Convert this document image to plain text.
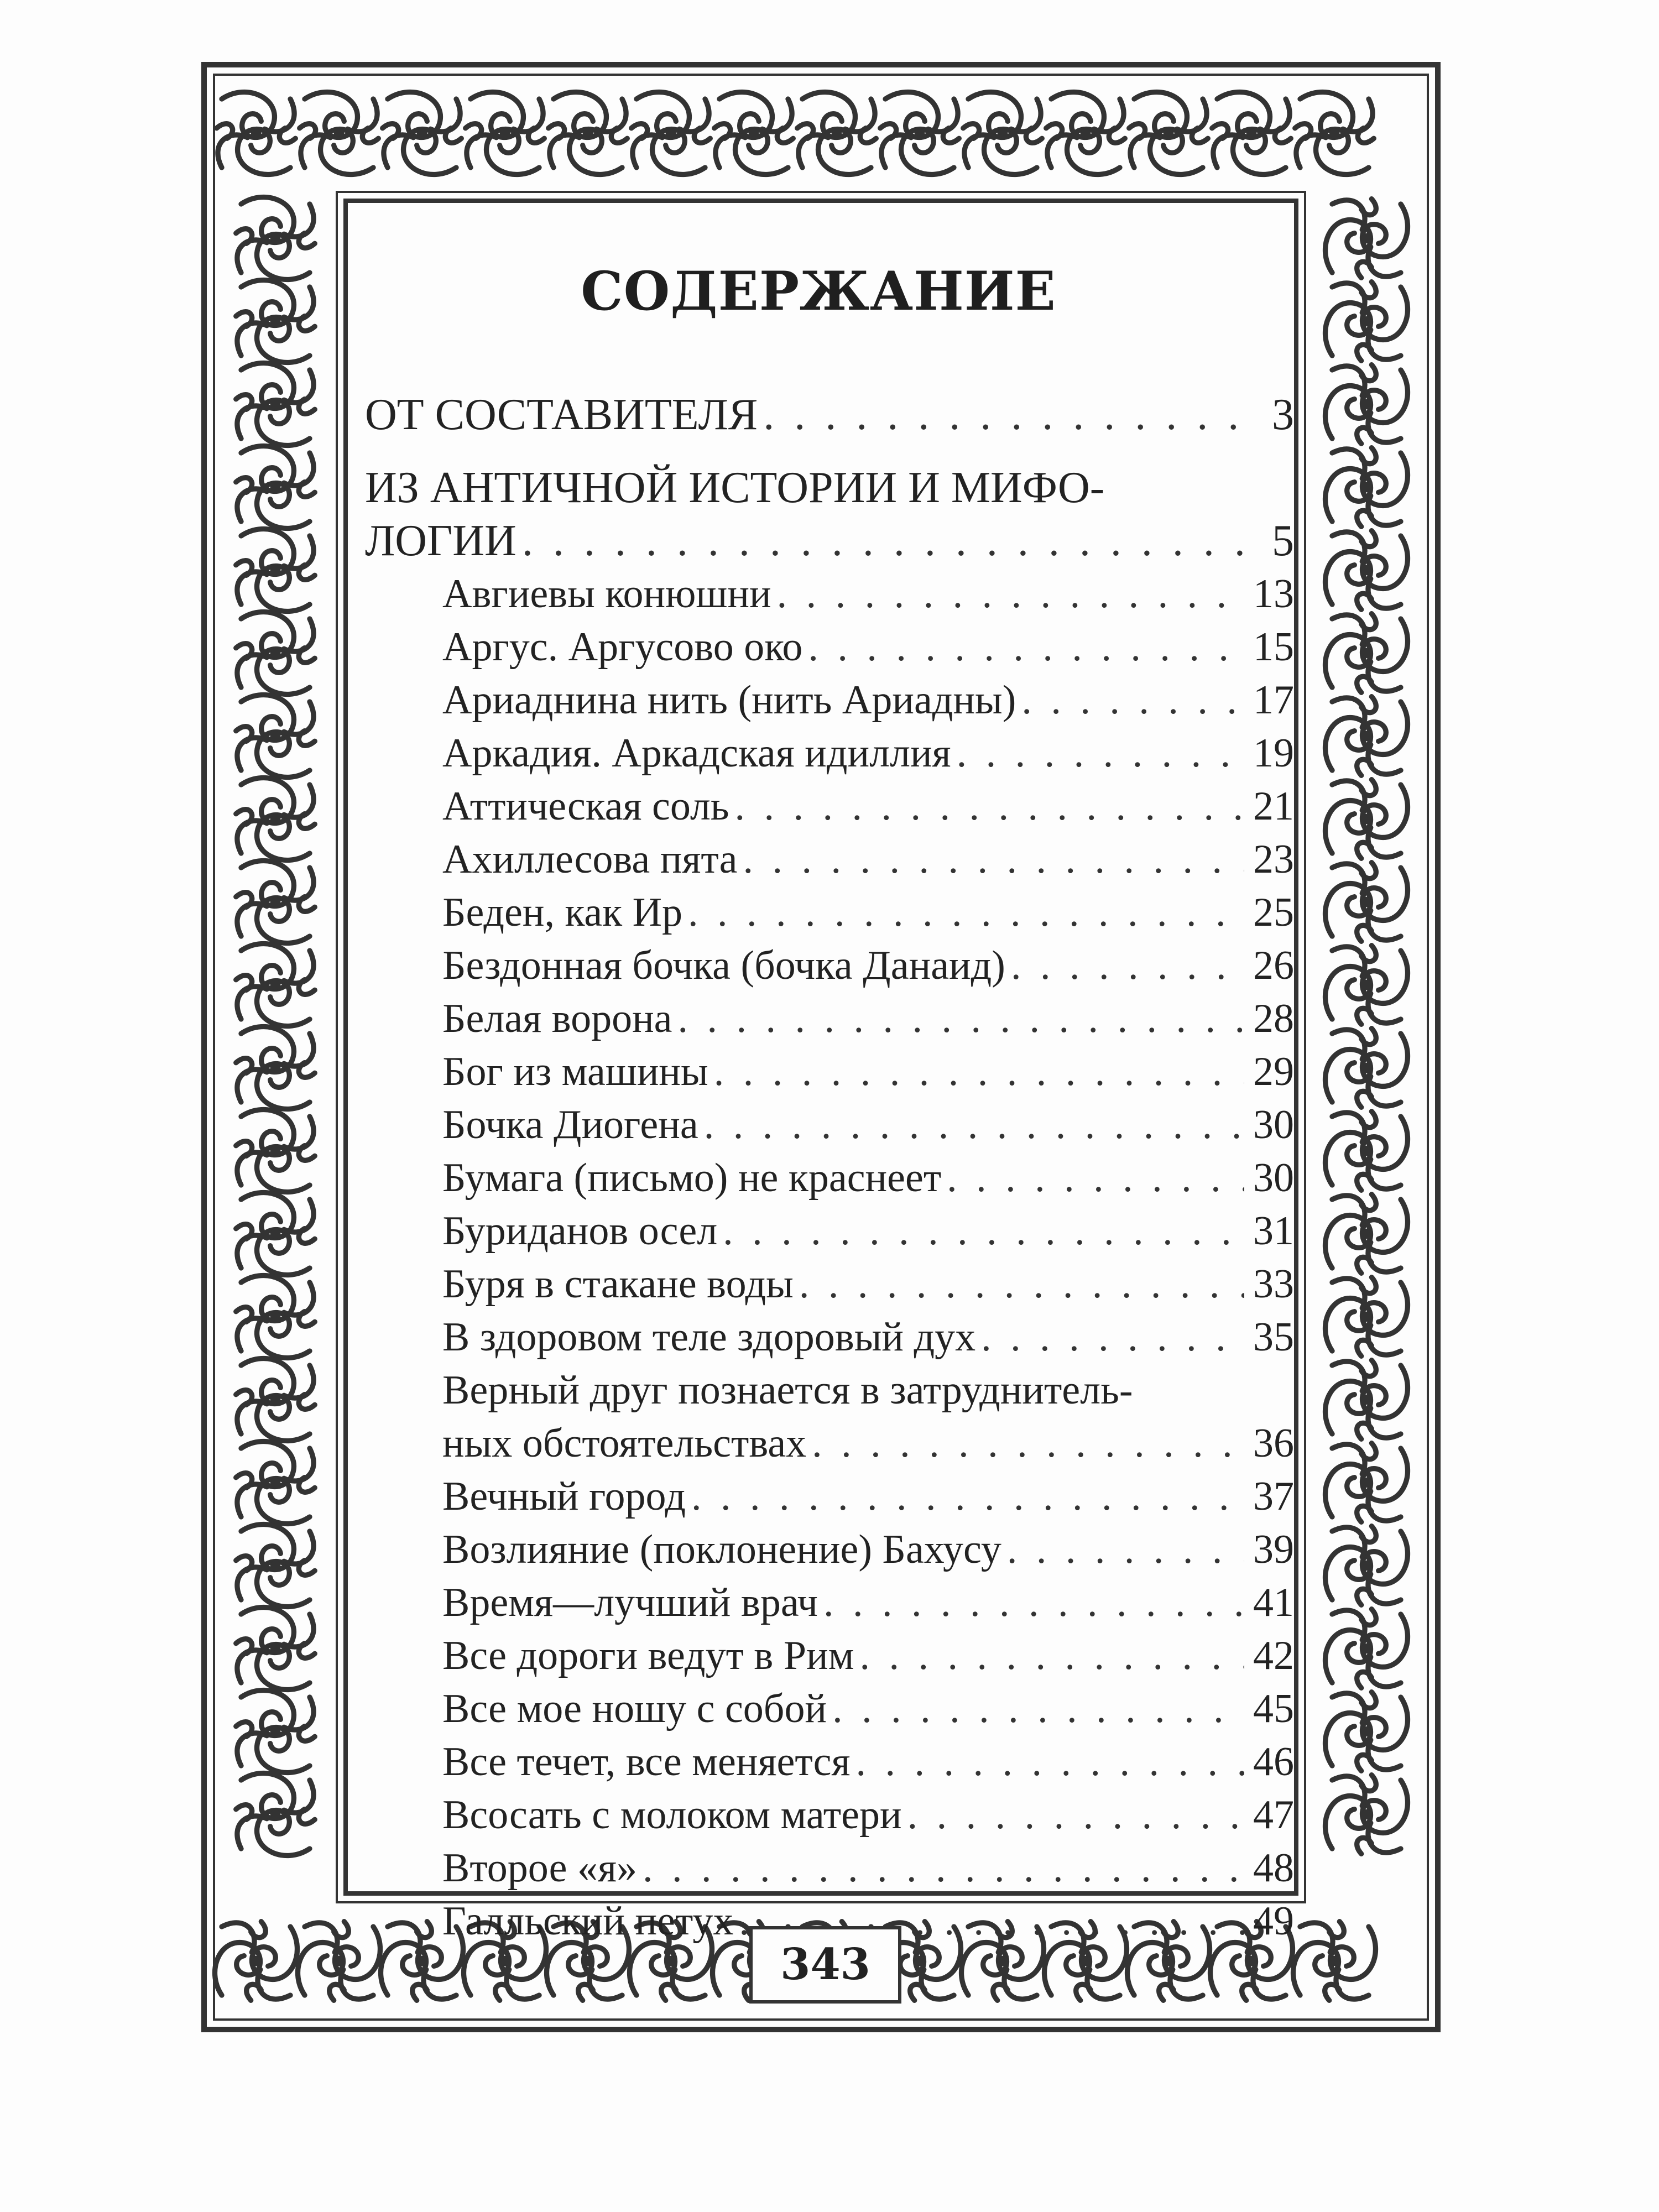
СОДЕРЖАНИЕ
ОТ СОСТАВИТЕЛЯ . . .	3
ИЗ АНТИЧНОЙ ИСТОРИИ И МИФО-
ЛОГИИ . . .	5
Авгиевы конюшни . . .	13
Аргус. Аргусово око . . .	15
Ариаднина нить (нить Ариадны) . . .	17
Аркадия. Аркадская идиллия . . .	19
Аттическая соль . . .	21
Ахиллесова пята . . .	23
Беден, как Ир . . .	25
Бездонная бочка (бочка Данаид) . . .	26
Белая ворона . . .	28
Бог из машины . . .	29
Бочка Диогена . . .	30
Бумага (письмо) не краснеет . . .	30
Буриданов осел . . .	31
Буря в стакане воды . . .	33
В здоровом теле здоровый дух . . .	35
Верный друг познается в затруднитель-
ных обстоятельствах . . .	36
Вечный город . . .	37
Возлияние (поклонение) Бахусу . . .	39
Время—лучший врач . . .	41
Все дороги ведут в Рим . . .	42
Все мое ношу с собой . . .	45
Все течет, все меняется . . .	46
Всосать с молоком матери . . .	47
Второе «я» . . .	48
Галльский петух . . .	49
343
